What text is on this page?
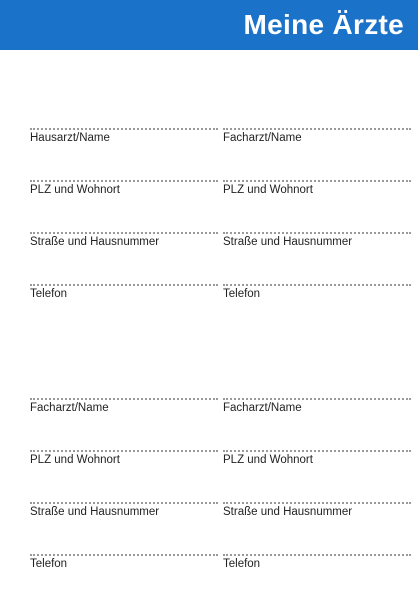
Meine Ärzte
Hausarzt/Name
PLZ und Wohnort
Straße und Hausnummer
Telefon
Facharzt/Name
PLZ und Wohnort
Straße und Hausnummer
Telefon
Facharzt/Name
PLZ und Wohnort
Straße und Hausnummer
Telefon
Facharzt/Name
PLZ und Wohnort
Straße und Hausnummer
Telefon
